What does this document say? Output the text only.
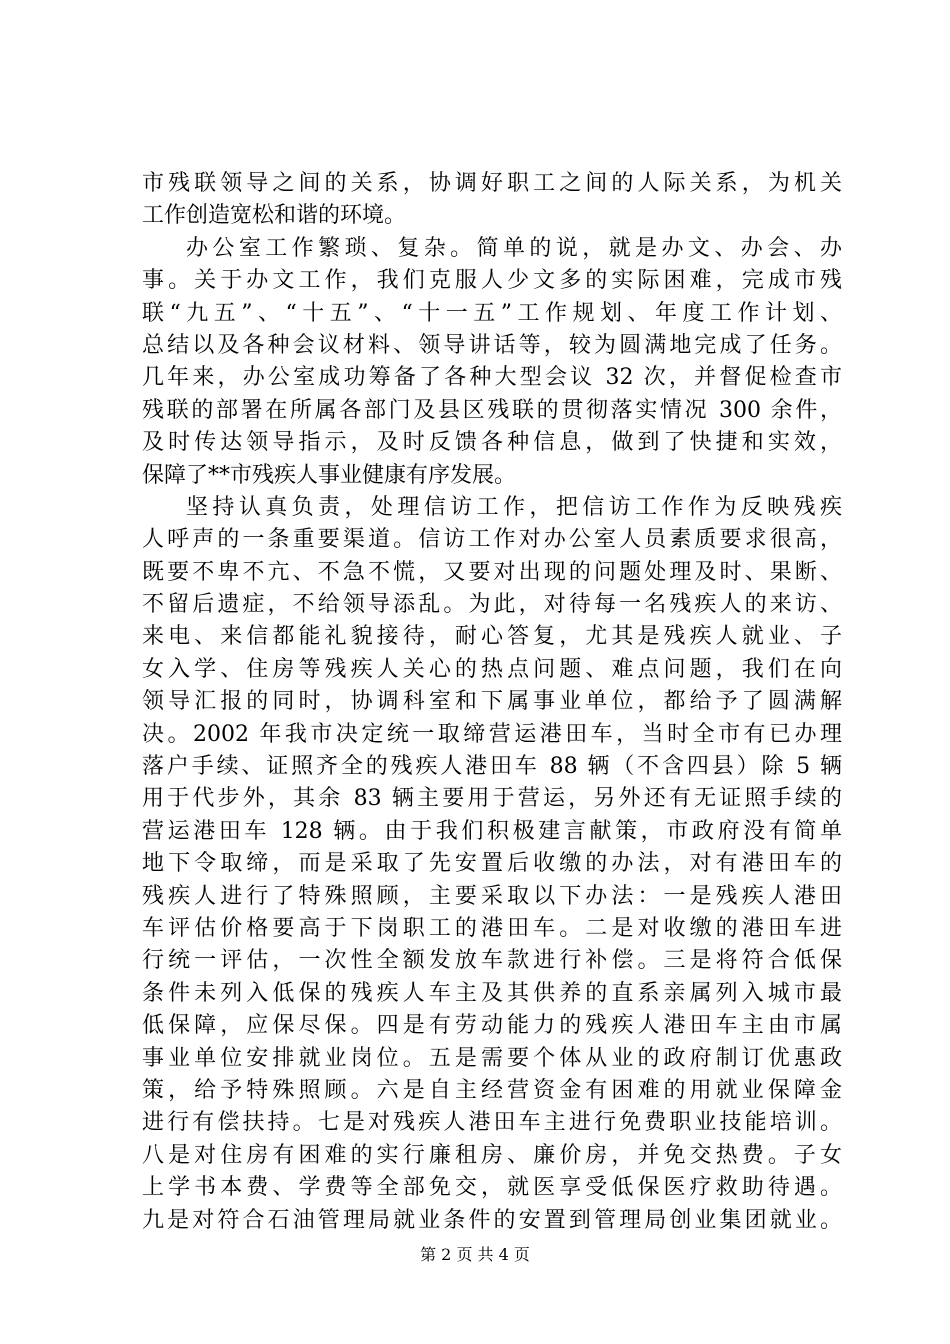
市残联领导之间的关系，协调好职工之间的人际关系，为机关
工作创造宽松和谐的环境。
办公室工作繁琐、复杂。简单的说，就是办文、办会、办
事。关于办文工作，我们克服人少文多的实际困难，完成市残
联“九五”、“十五”、“十一五”工作规划、年度工作计划、
总结以及各种会议材料、领导讲话等，较为圆满地完成了任务。
几年来，办公室成功筹备了各种大型会议 32 次，并督促检查市
残联的部署在所属各部门及县区残联的贯彻落实情况 300 余件，
及时传达领导指示，及时反馈各种信息，做到了快捷和实效，
保障了**市残疾人事业健康有序发展。
坚持认真负责，处理信访工作，把信访工作作为反映残疾
人呼声的一条重要渠道。信访工作对办公室人员素质要求很高，
既要不卑不亢、不急不慌，又要对出现的问题处理及时、果断、
不留后遗症，不给领导添乱。为此，对待每一名残疾人的来访、
来电、来信都能礼貌接待，耐心答复，尤其是残疾人就业、子
女入学、住房等残疾人关心的热点问题、难点问题，我们在向
领导汇报的同时，协调科室和下属事业单位，都给予了圆满解
决。2002 年我市决定统一取缔营运港田车，当时全市有已办理
落户手续、证照齐全的残疾人港田车 88 辆（不含四县）除 5 辆
用于代步外，其余 83 辆主要用于营运，另外还有无证照手续的
营运港田车 128 辆。由于我们积极建言献策，市政府没有简单
地下令取缔，而是采取了先安置后收缴的办法，对有港田车的
残疾人进行了特殊照顾，主要采取以下办法：一是残疾人港田
车评估价格要高于下岗职工的港田车。二是对收缴的港田车进
行统一评估，一次性全额发放车款进行补偿。三是将符合低保
条件未列入低保的残疾人车主及其供养的直系亲属列入城市最
低保障，应保尽保。四是有劳动能力的残疾人港田车主由市属
事业单位安排就业岗位。五是需要个体从业的政府制订优惠政
策，给予特殊照顾。六是自主经营资金有困难的用就业保障金
进行有偿扶持。七是对残疾人港田车主进行免费职业技能培训。
八是对住房有困难的实行廉租房、廉价房，并免交热费。子女
上学书本费、学费等全部免交，就医享受低保医疗救助待遇。
九是对符合石油管理局就业条件的安置到管理局创业集团就业。
第 2 页 共 4 页
